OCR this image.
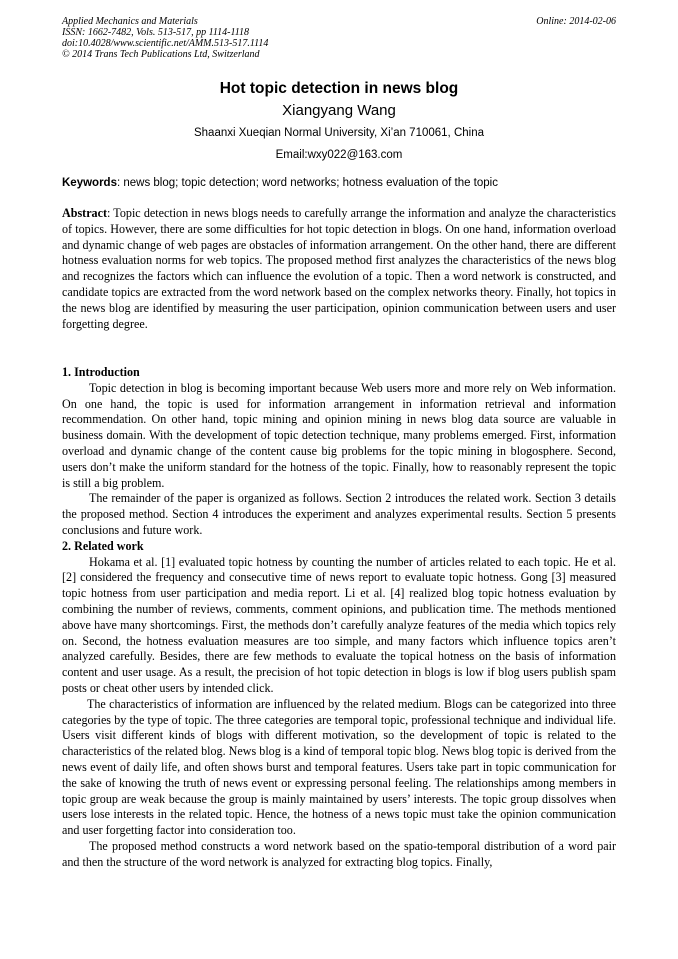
Applied Mechanics and Materials
ISSN: 1662-7482, Vols. 513-517, pp 1114-1118
doi:10.4028/www.scientific.net/AMM.513-517.1114
© 2014 Trans Tech Publications Ltd, Switzerland
Online: 2014-02-06
Hot topic detection in news blog
Xiangyang Wang
Shaanxi Xueqian Normal University, Xi’an 710061, China
Email:wxy022@163.com
Keywords: news blog; topic detection; word networks; hotness evaluation of the topic

Abstract: Topic detection in news blogs needs to carefully arrange the information and analyze the characteristics of topics. However, there are some difficulties for hot topic detection in blogs. On one hand, information overload and dynamic change of web pages are obstacles of information arrangement. On the other hand, there are different hotness evaluation norms for web topics. The proposed method first analyzes the characteristics of the news blog and recognizes the factors which can influence the evolution of a topic. Then a word network is constructed, and candidate topics are extracted from the word network based on the complex networks theory. Finally, hot topics in the news blog are identified by measuring the user participation, opinion communication between users and user forgetting degree.

1. Introduction

Topic detection in blog is becoming important because Web users more and more rely on Web information. On one hand, the topic is used for information arrangement in information retrieval and information recommendation. On other hand, topic mining and opinion mining in news blog data source are valuable in business domain. With the development of topic detection technique, many problems emerged. First, information overload and dynamic change of the content cause big problems for the topic mining in blogosphere. Second, users don’t make the uniform standard for the hotness of the topic. Finally, how to reasonably represent the topic is still a big problem.

The remainder of the paper is organized as follows. Section 2 introduces the related work. Section 3 details the proposed method. Section 4 introduces the experiment and analyzes experimental results. Section 5 presents conclusions and future work.

2. Related work

Hokama et al. [1] evaluated topic hotness by counting the number of articles related to each topic. He et al. [2] considered the frequency and consecutive time of news report to evaluate topic hotness. Gong [3] measured topic hotness from user participation and media report. Li et al. [4] realized blog topic hotness evaluation by combining the number of reviews, comments, comment opinions, and publication time. The methods mentioned above have many shortcomings. First, the methods don’t carefully analyze features of the media which topics rely on. Second, the hotness evaluation measures are too simple, and many factors which influence topics aren’t analyzed carefully. Besides, there are few methods to evaluate the topical hotness on the basis of information content and user usage. As a result, the precision of hot topic detection in blogs is low if blog users publish spam posts or cheat other users by intended click.

The characteristics of information are influenced by the related medium. Blogs can be categorized into three categories by the type of topic. The three categories are temporal topic, professional technique and individual life. Users visit different kinds of blogs with different motivation, so the development of topic is related to the characteristics of the related blog. News blog is a kind of temporal topic blog. News blog topic is derived from the news event of daily life, and often shows burst and temporal features. Users take part in topic communication for the sake of knowing the truth of news event or expressing personal feeling. The relationships among members in topic group are weak because the group is mainly maintained by users’ interests. The topic group dissolves when users lose interests in the related topic. Hence, the hotness of a news topic must take the opinion communication and user forgetting factor into consideration too.

The proposed method constructs a word network based on the spatio-temporal distribution of a word pair and then the structure of the word network is analyzed for extracting blog topics. Finally,
